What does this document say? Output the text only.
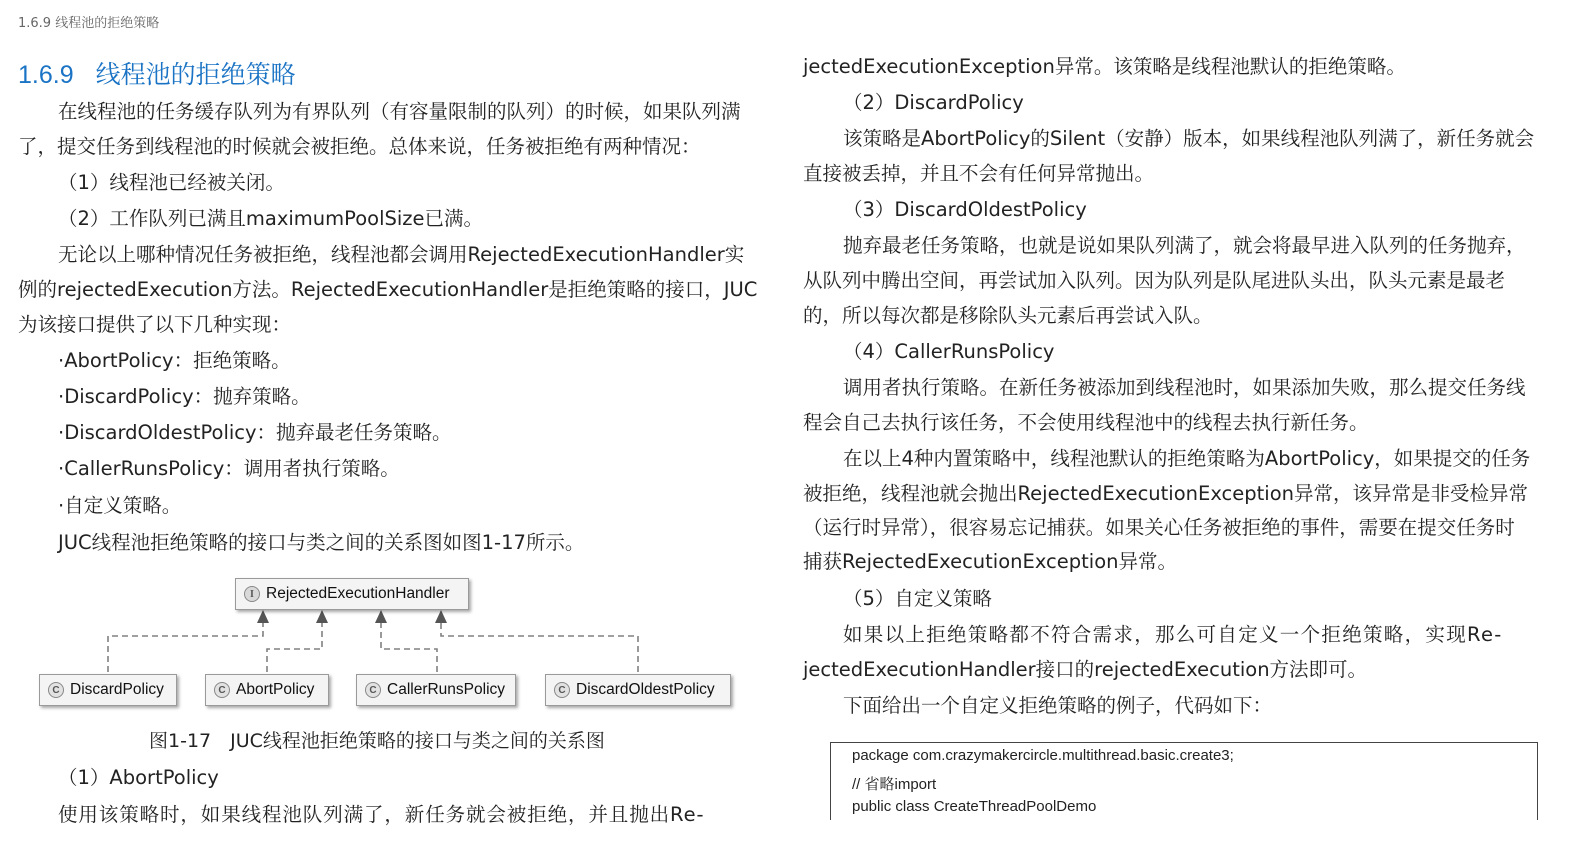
1.6.9 线程池的拒绝策略
1.6.9 线程池的拒绝策略
在线程池的任务缓存队列为有界队列（有容量限制的队列）的时候，如果队列满
了，提交任务到线程池的时候就会被拒绝。总体来说，任务被拒绝有两种情况：
（1）线程池已经被关闭。
（2）工作队列已满且maximumPoolSize已满。
无论以上哪种情况任务被拒绝，线程池都会调用RejectedExecutionHandler实
例的rejectedExecution方法。RejectedExecutionHandler是拒绝策略的接口，JUC
为该接口提供了以下几种实现：
·AbortPolicy：拒绝策略。
·DiscardPolicy：抛弃策略。
·DiscardOldestPolicy：抛弃最老任务策略。
·CallerRunsPolicy：调用者执行策略。
·自定义策略。
JUC线程池拒绝策略的接口与类之间的关系图如图1-17所示。
图1-17　JUC线程池拒绝策略的接口与类之间的关系图
（1）AbortPolicy
使用该策略时，如果线程池队列满了，新任务就会被拒绝，并且抛出Re-
I RejectedExecutionHandler
C DiscardPolicy	C AbortPolicy	C CallerRunsPolicy	C DiscardOldestPolicy
jectedExecutionException异常。该策略是线程池默认的拒绝策略。
（2）DiscardPolicy
该策略是AbortPolicy的Silent（安静）版本，如果线程池队列满了，新任务就会
直接被丢掉，并且不会有任何异常抛出。
（3）DiscardOldestPolicy
抛弃最老任务策略，也就是说如果队列满了，就会将最早进入队列的任务抛弃，
从队列中腾出空间，再尝试加入队列。因为队列是队尾进队头出，队头元素是最老
的，所以每次都是移除队头元素后再尝试入队。
（4）CallerRunsPolicy
调用者执行策略。在新任务被添加到线程池时，如果添加失败，那么提交任务线
程会自己去执行该任务，不会使用线程池中的线程去执行新任务。
在以上4种内置策略中，线程池默认的拒绝策略为AbortPolicy，如果提交的任务
被拒绝，线程池就会抛出RejectedExecutionException异常，该异常是非受检异常
（运行时异常），很容易忘记捕获。如果关心任务被拒绝的事件，需要在提交任务时
捕获RejectedExecutionException异常。
（5）自定义策略
如果以上拒绝策略都不符合需求，那么可自定义一个拒绝策略，实现Re-
jectedExecutionHandler接口的rejectedExecution方法即可。
下面给出一个自定义拒绝策略的例子，代码如下：
package com.crazymakercircle.multithread.basic.create3;
// 省略import
public class CreateThreadPoolDemo
